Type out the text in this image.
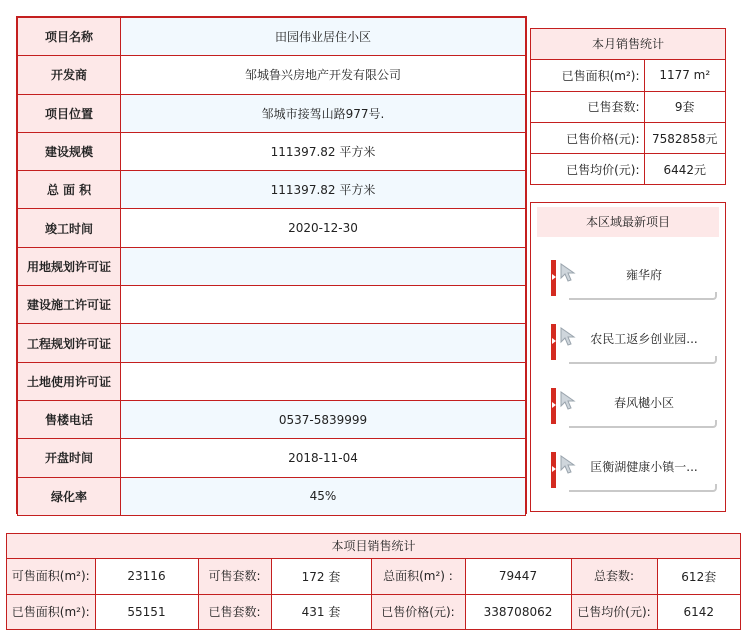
项目名称	田园伟业居住小区
开发商	邹城鲁兴房地产开发有限公司
项目位置	邹城市接驾山路977号.
建设规模	111397.82 平方米
总 面 积	111397.82 平方米
竣工时间	2020-12-30
用地规划许可证	
建设施工许可证	
工程规划许可证	
土地使用许可证	
售楼电话	0537-5839999
开盘时间	2018-11-04
绿化率	45%
本月销售统计
已售面积(m²):	1177 m²
已售套数:	9套
已售价格(元):	7582858元
已售均价(元):	6442元
本区域最新项目
雍华府
农民工返乡创业园...
春风樾小区
匡衡湖健康小镇一...
本项目销售统计
可售面积(m²):	23116	可售套数:	172 套	总面积(m²) :	79447	总套数:	612套
已售面积(m²):	55151	已售套数:	431 套	已售价格(元):	338708062	已售均价(元):	6142
